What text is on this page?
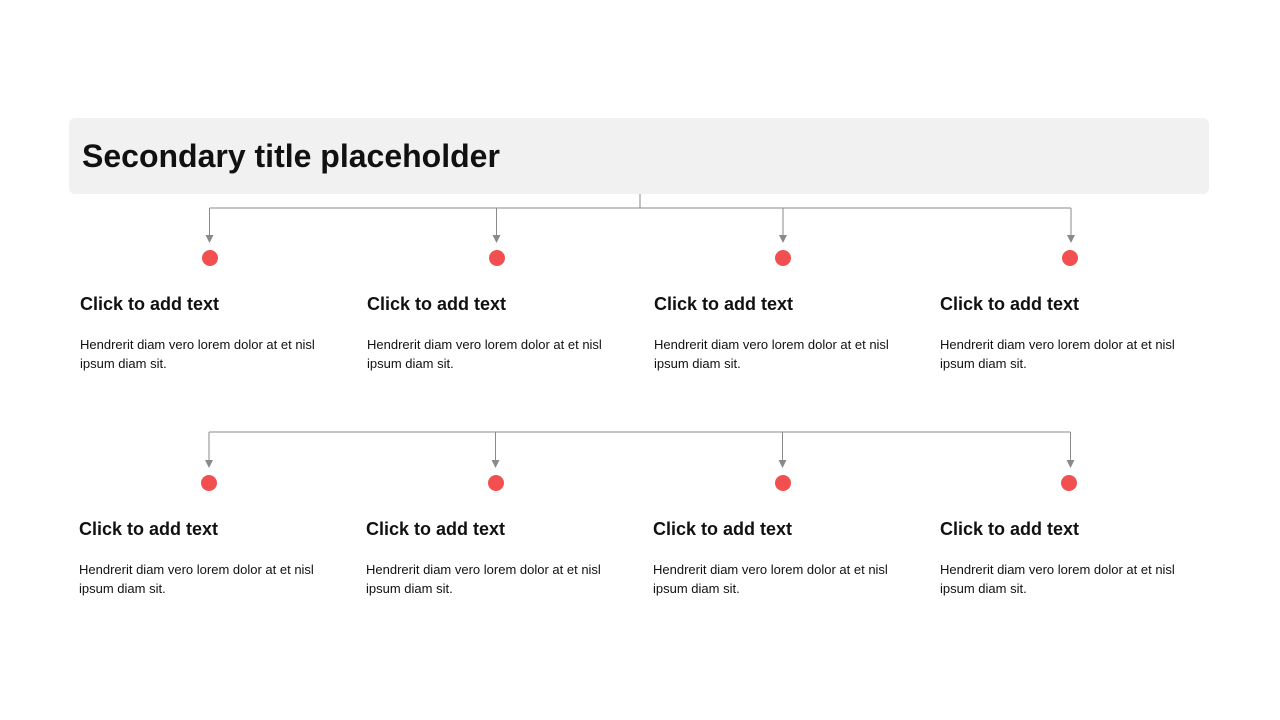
Secondary title placeholder
Click to add text
Hendrerit diam vero lorem dolor at et nisl ipsum diam sit.
Click to add text
Hendrerit diam vero lorem dolor at et nisl ipsum diam sit.
Click to add text
Hendrerit diam vero lorem dolor at et nisl ipsum diam sit.
Click to add text
Hendrerit diam vero lorem dolor at et nisl ipsum diam sit.
Click to add text
Hendrerit diam vero lorem dolor at et nisl ipsum diam sit.
Click to add text
Hendrerit diam vero lorem dolor at et nisl ipsum diam sit.
Click to add text
Hendrerit diam vero lorem dolor at et nisl ipsum diam sit.
Click to add text
Hendrerit diam vero lorem dolor at et nisl ipsum diam sit.
